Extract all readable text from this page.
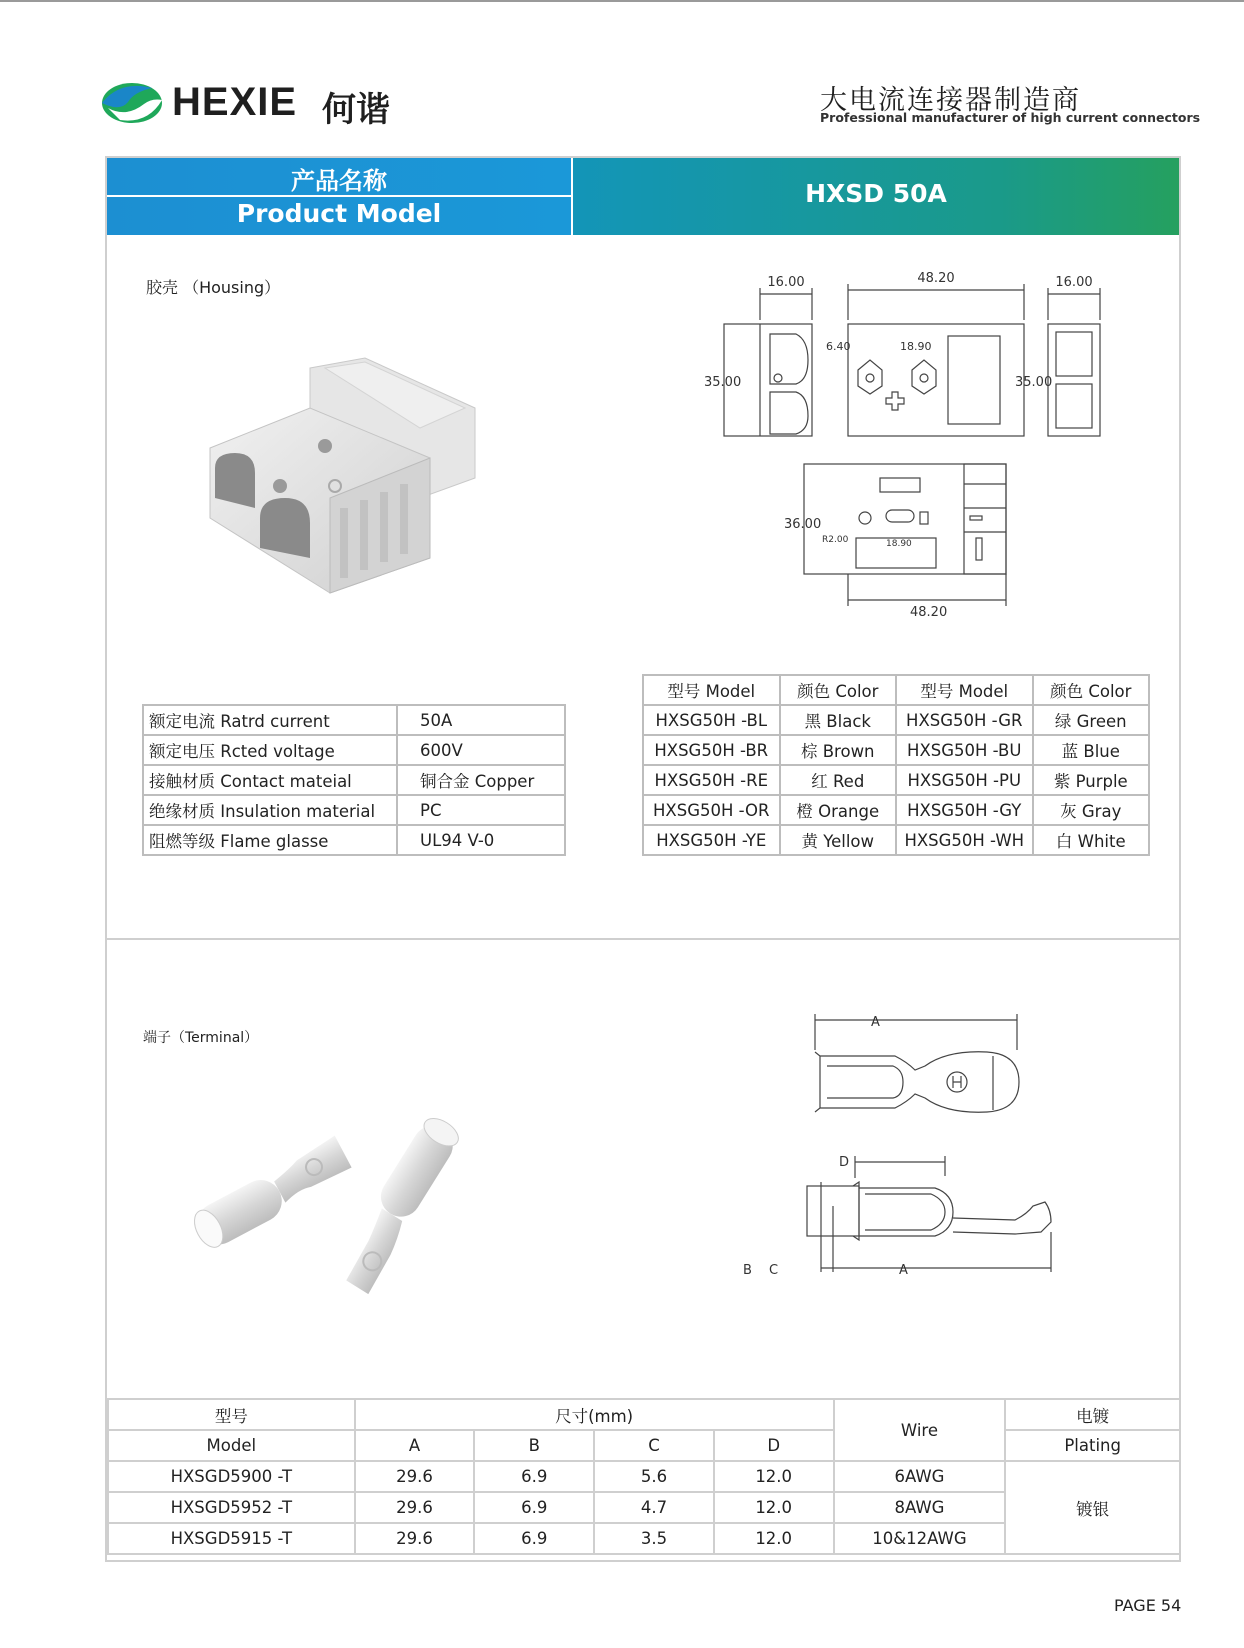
HEXIE 何谐	大电流连接器制造商
Professional manufacturer of high current connectors
产品名称
Product Model
HXSD 50A
胶壳 （Housing）	16.00	48.20	16.00
35.00	35.00
6.40	18.90
36.00
R2.00	18.90
48.20
额定电流 Ratrd current	50A
额定电压 Rcted voltage	600V
接触材质 Contact mateial	铜合金 Copper
绝缘材质 Insulation material	PC
阻燃等级 Flame glasse	UL94 V-0
型号 Model	颜色 Color	型号 Model	颜色 Color
HXSG50H -BL	黑 Black	HXSG50H -GR	绿 Green
HXSG50H -BR	棕 Brown	HXSG50H -BU	蓝 Blue
HXSG50H -RE	红 Red	HXSG50H -PU	紫 Purple
HXSG50H -OR	橙 Orange	HXSG50H -GY	灰 Gray
HXSG50H -YE	黄 Yellow	HXSG50H -WH	白 White
端子（Terminal）
A
D
B C	A
型号	尺寸(mm)				Wire	电镀
Model	A	B	C	D		Plating
HXSGD5900 -T	29.6	6.9	5.6	12.0	6AWG	镀银
HXSGD5952 -T	29.6	6.9	4.7	12.0	8AWG	
HXSGD5915 -T	29.6	6.9	3.5	12.0	10&12AWG	
PAGE 54
